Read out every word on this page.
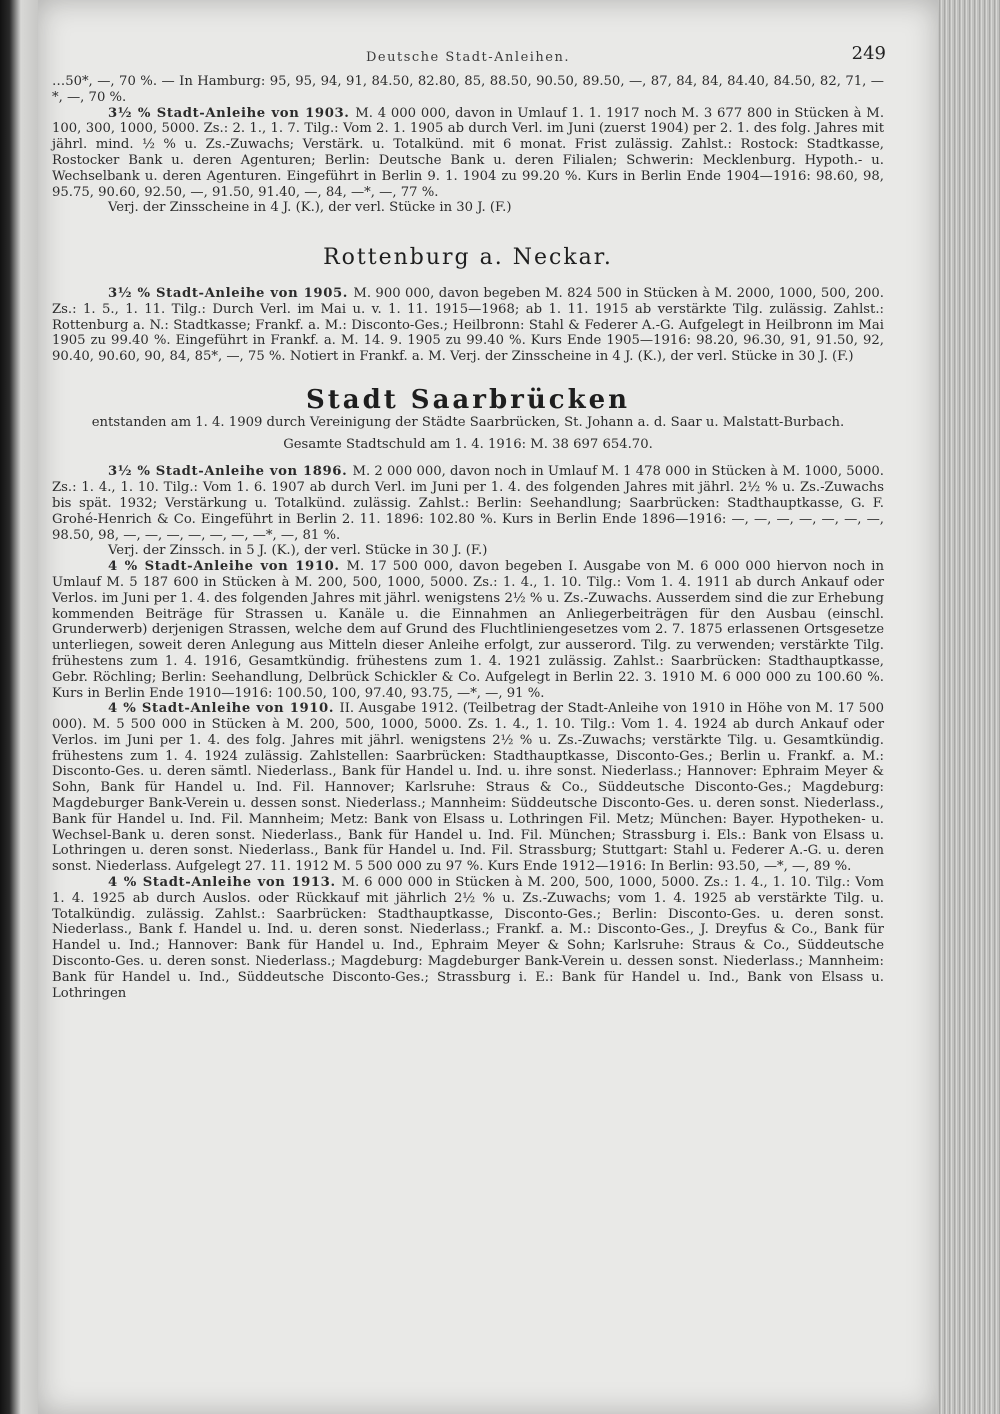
Deutsche Stadt-Anleihen.	249

…50*, —, 70 %. — In Hamburg: 95, 95, 94, 91, 84.50, 82.80, 85, 88.50, 90.50, 89.50, —, 87, 84, 84, 84.40, 84.50, 82, 71, —*, —, 70 %.

3½ % Stadt-Anleihe von 1903. M. 4 000 000, davon in Umlauf 1. 1. 1917 noch M. 3 677 800 in Stücken à M. 100, 300, 1000, 5000. Zs.: 2. 1., 1. 7. Tilg.: Vom 2. 1. 1905 ab durch Verl. im Juni (zuerst 1904) per 2. 1. des folg. Jahres mit jährl. mind. ½ % u. Zs.-Zuwachs; Verstärk. u. Totalkünd. mit 6 monat. Frist zulässig. Zahlst.: Rostock: Stadtkasse, Rostocker Bank u. deren Agenturen; Berlin: Deutsche Bank u. deren Filialen; Schwerin: Mecklenburg. Hypoth.- u. Wechselbank u. deren Agenturen. Eingeführt in Berlin 9. 1. 1904 zu 99.20 %. Kurs in Berlin Ende 1904—1916: 98.60, 98, 95.75, 90.60, 92.50, —, 91.50, 91.40, —, 84, —*, —, 77 %.

Verj. der Zinsscheine in 4 J. (K.), der verl. Stücke in 30 J. (F.)

Rottenburg a. Neckar.

3½ % Stadt-Anleihe von 1905. M. 900 000, davon begeben M. 824 500 in Stücken à M. 2000, 1000, 500, 200. Zs.: 1. 5., 1. 11. Tilg.: Durch Verl. im Mai u. v. 1. 11. 1915—1968; ab 1. 11. 1915 ab verstärkte Tilg. zulässig. Zahlst.: Rottenburg a. N.: Stadtkasse; Frankf. a. M.: Disconto-Ges.; Heilbronn: Stahl & Federer A.-G. Aufgelegt in Heilbronn im Mai 1905 zu 99.40 %. Eingeführt in Frankf. a. M. 14. 9. 1905 zu 99.40 %. Kurs Ende 1905—1916: 98.20, 96.30, 91, 91.50, 92, 90.40, 90.60, 90, 84, 85*, —, 75 %. Notiert in Frankf. a. M. Verj. der Zinsscheine in 4 J. (K.), der verl. Stücke in 30 J. (F.)

Stadt Saarbrücken

entstanden am 1. 4. 1909 durch Vereinigung der Städte Saarbrücken, St. Johann a. d. Saar u. Malstatt-Burbach.

Gesamte Stadtschuld am 1. 4. 1916: M. 38 697 654.70.

3½ % Stadt-Anleihe von 1896. M. 2 000 000, davon noch in Umlauf M. 1 478 000 in Stücken à M. 1000, 5000. Zs.: 1. 4., 1. 10. Tilg.: Vom 1. 6. 1907 ab durch Verl. im Juni per 1. 4. des folgenden Jahres mit jährl. 2½ % u. Zs.-Zuwachs bis spät. 1932; Verstärkung u. Totalkünd. zulässig. Zahlst.: Berlin: Seehandlung; Saarbrücken: Stadthauptkasse, G. F. Grohé-Henrich & Co. Eingeführt in Berlin 2. 11. 1896: 102.80 %. Kurs in Berlin Ende 1896—1916: —, —, —, —, —, —, —, 98.50, 98, —, —, —, —, —, —, —*, —, 81 %.

Verj. der Zinssch. in 5 J. (K.), der verl. Stücke in 30 J. (F.)

4 % Stadt-Anleihe von 1910. M. 17 500 000, davon begeben I. Ausgabe von M. 6 000 000 hiervon noch in Umlauf M. 5 187 600 in Stücken à M. 200, 500, 1000, 5000. Zs.: 1. 4., 1. 10. Tilg.: Vom 1. 4. 1911 ab durch Ankauf oder Verlos. im Juni per 1. 4. des folgenden Jahres mit jährl. wenigstens 2½ % u. Zs.-Zuwachs. Ausserdem sind die zur Erhebung kommenden Beiträge für Strassen u. Kanäle u. die Einnahmen an Anliegerbeiträgen für den Ausbau (einschl. Grunderwerb) derjenigen Strassen, welche dem auf Grund des Fluchtliniengesetzes vom 2. 7. 1875 erlassenen Ortsgesetze unterliegen, soweit deren Anlegung aus Mitteln dieser Anleihe erfolgt, zur ausserord. Tilg. zu verwenden; verstärkte Tilg. frühestens zum 1. 4. 1916, Gesamtkündig. frühestens zum 1. 4. 1921 zulässig. Zahlst.: Saarbrücken: Stadthauptkasse, Gebr. Röchling; Berlin: Seehandlung, Delbrück Schickler & Co. Aufgelegt in Berlin 22. 3. 1910 M. 6 000 000 zu 100.60 %. Kurs in Berlin Ende 1910—1916: 100.50, 100, 97.40, 93.75, —*, —, 91 %.

4 % Stadt-Anleihe von 1910. II. Ausgabe 1912. (Teilbetrag der Stadt-Anleihe von 1910 in Höhe von M. 17 500 000). M. 5 500 000 in Stücken à M. 200, 500, 1000, 5000. Zs. 1. 4., 1. 10. Tilg.: Vom 1. 4. 1924 ab durch Ankauf oder Verlos. im Juni per 1. 4. des folg. Jahres mit jährl. wenigstens 2½ % u. Zs.-Zuwachs; verstärkte Tilg. u. Gesamtkündig. frühestens zum 1. 4. 1924 zulässig. Zahlstellen: Saarbrücken: Stadthauptkasse, Disconto-Ges.; Berlin u. Frankf. a. M.: Disconto-Ges. u. deren sämtl. Niederlass., Bank für Handel u. Ind. u. ihre sonst. Niederlass.; Hannover: Ephraim Meyer & Sohn, Bank für Handel u. Ind. Fil. Hannover; Karlsruhe: Straus & Co., Süddeutsche Disconto-Ges.; Magdeburg: Magdeburger Bank-Verein u. dessen sonst. Niederlass.; Mannheim: Süddeutsche Disconto-Ges. u. deren sonst. Niederlass., Bank für Handel u. Ind. Fil. Mannheim; Metz: Bank von Elsass u. Lothringen Fil. Metz; München: Bayer. Hypotheken- u. Wechsel-Bank u. deren sonst. Niederlass., Bank für Handel u. Ind. Fil. München; Strassburg i. Els.: Bank von Elsass u. Lothringen u. deren sonst. Niederlass., Bank für Handel u. Ind. Fil. Strassburg; Stuttgart: Stahl u. Federer A.-G. u. deren sonst. Niederlass. Aufgelegt 27. 11. 1912 M. 5 500 000 zu 97 %. Kurs Ende 1912—1916: In Berlin: 93.50, —*, —, 89 %.

4 % Stadt-Anleihe von 1913. M. 6 000 000 in Stücken à M. 200, 500, 1000, 5000. Zs.: 1. 4., 1. 10. Tilg.: Vom 1. 4. 1925 ab durch Auslos. oder Rückkauf mit jährlich 2½ % u. Zs.-Zuwachs; vom 1. 4. 1925 ab verstärkte Tilg. u. Totalkündig. zulässig. Zahlst.: Saarbrücken: Stadthauptkasse, Disconto-Ges.; Berlin: Disconto-Ges. u. deren sonst. Niederlass., Bank f. Handel u. Ind. u. deren sonst. Niederlass.; Frankf. a. M.: Disconto-Ges., J. Dreyfus & Co., Bank für Handel u. Ind.; Hannover: Bank für Handel u. Ind., Ephraim Meyer & Sohn; Karlsruhe: Straus & Co., Süddeutsche Disconto-Ges. u. deren sonst. Niederlass.; Magdeburg: Magdeburger Bank-Verein u. dessen sonst. Niederlass.; Mannheim: Bank für Handel u. Ind., Süddeutsche Disconto-Ges.; Strassburg i. E.: Bank für Handel u. Ind., Bank von Elsass u. Lothringen
